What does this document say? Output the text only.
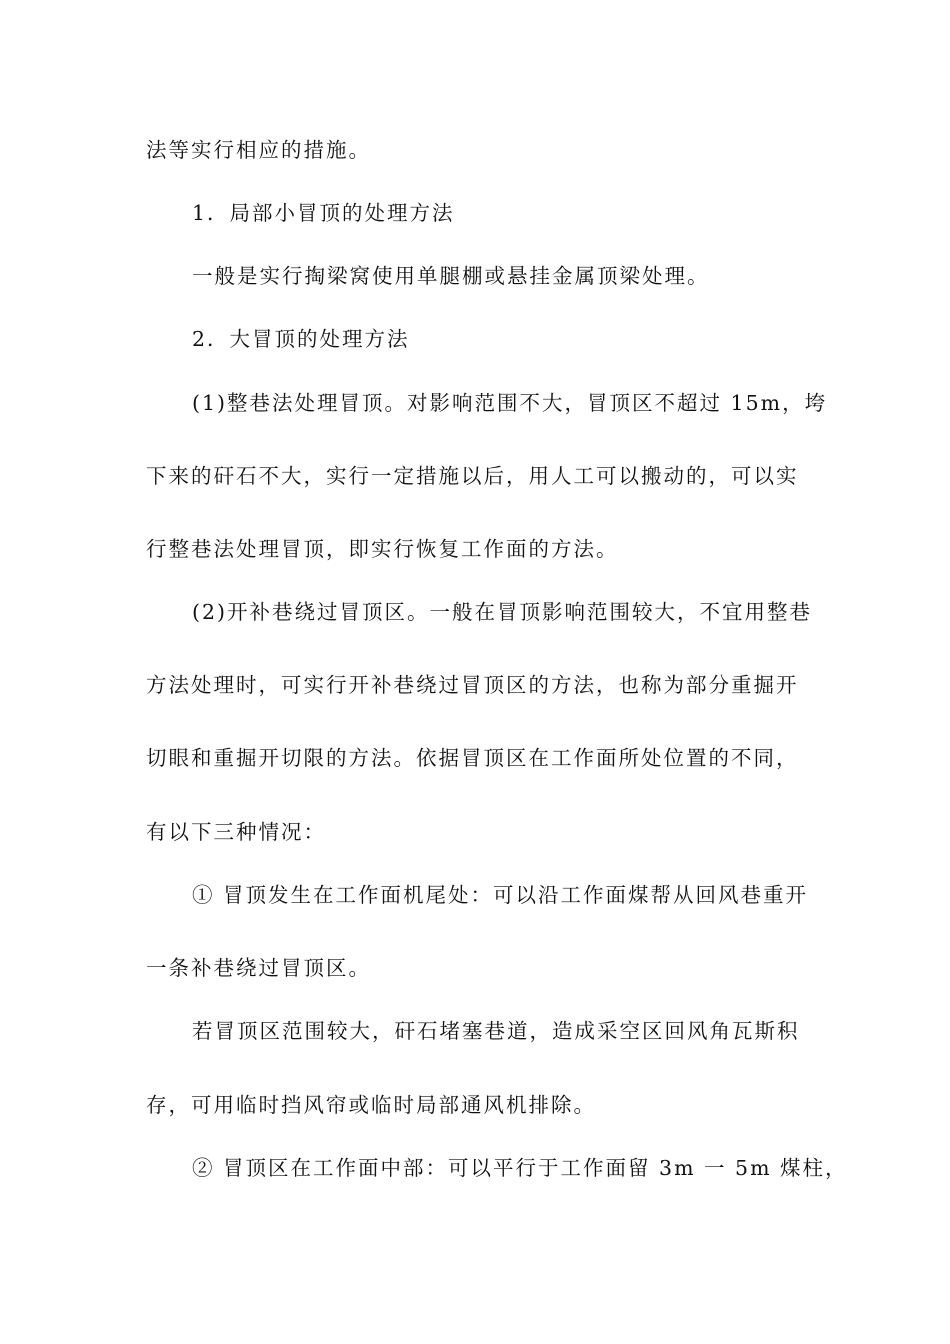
法等实行相应的措施。
1．局部小冒顶的处理方法
一般是实行掏梁窝使用单腿棚或悬挂金属顶梁处理。
2．大冒顶的处理方法
(1)整巷法处理冒顶。对影响范围不大，冒顶区不超过 15m，垮
下来的矸石不大，实行一定措施以后，用人工可以搬动的，可以实
行整巷法处理冒顶，即实行恢复工作面的方法。
(2)开补巷绕过冒顶区。一般在冒顶影响范围较大，不宜用整巷
方法处理时，可实行开补巷绕过冒顶区的方法，也称为部分重掘开
切眼和重掘开切限的方法。依据冒顶区在工作面所处位置的不同，
有以下三种情况：
① 冒顶发生在工作面机尾处：可以沿工作面煤帮从回风巷重开
一条补巷绕过冒顶区。
若冒顶区范围较大，矸石堵塞巷道，造成采空区回风角瓦斯积
存，可用临时挡风帘或临时局部通风机排除。
② 冒顶区在工作面中部：可以平行于工作面留 3m 一 5m 煤柱，
